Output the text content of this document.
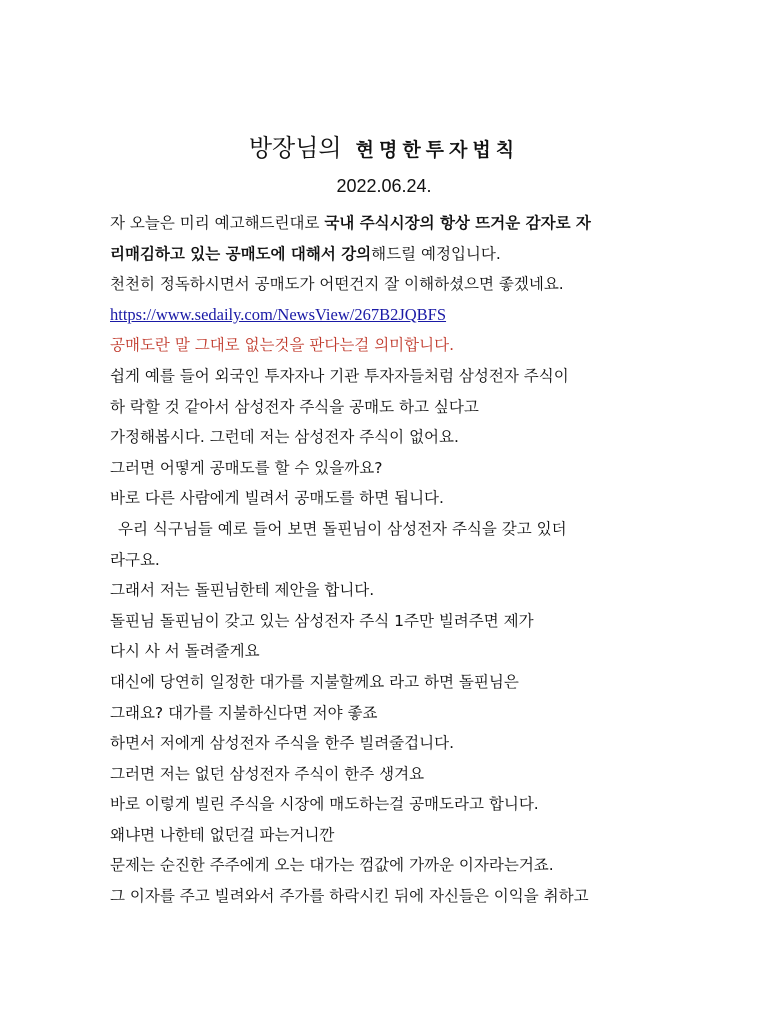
방장님의 현명한투자법칙
2022.06.24.
자 오늘은 미리 예고해드린대로 국내 주식시장의 항상 뜨거운 감자로 자
리매김하고 있는 공매도에 대해서 강의해드릴 예정입니다.
천천히 정독하시면서 공매도가 어떤건지 잘 이해하셨으면 좋겠네요.
https://www.sedaily.com/NewsView/267B2JQBFS
공매도란 말 그대로 없는것을 판다는걸 의미합니다.
쉽게 예를 들어 외국인 투자자나 기관 투자자들처럼 삼성전자 주식이
하 락할 것 같아서 삼성전자 주식을 공매도 하고 싶다고
가정해봅시다. 그런데 저는 삼성전자 주식이 없어요.
그러면 어떻게 공매도를 할 수 있을까요?
바로 다른 사람에게 빌려서 공매도를 하면 됩니다.
우리 식구님들 예로 들어 보면 돌핀님이 삼성전자 주식을 갖고 있더
라구요.
그래서 저는 돌핀님한테 제안을 합니다.
돌핀님 돌핀님이 갖고 있는 삼성전자 주식 1주만 빌려주면 제가
다시 사 서 돌려줄게요
대신에 당연히 일정한 대가를 지불할께요 라고 하면 돌핀님은
그래요? 대가를 지불하신다면 저야 좋죠
하면서 저에게 삼성전자 주식을 한주 빌려줄겁니다.
그러면 저는 없던 삼성전자 주식이 한주 생겨요
바로 이렇게 빌린 주식을 시장에 매도하는걸 공매도라고 합니다.
왜냐면 나한테 없던걸 파는거니깐
문제는 순진한 주주에게 오는 대가는 껌값에 가까운 이자라는거죠.
그 이자를 주고 빌려와서 주가를 하락시킨 뒤에 자신들은 이익을 취하고
